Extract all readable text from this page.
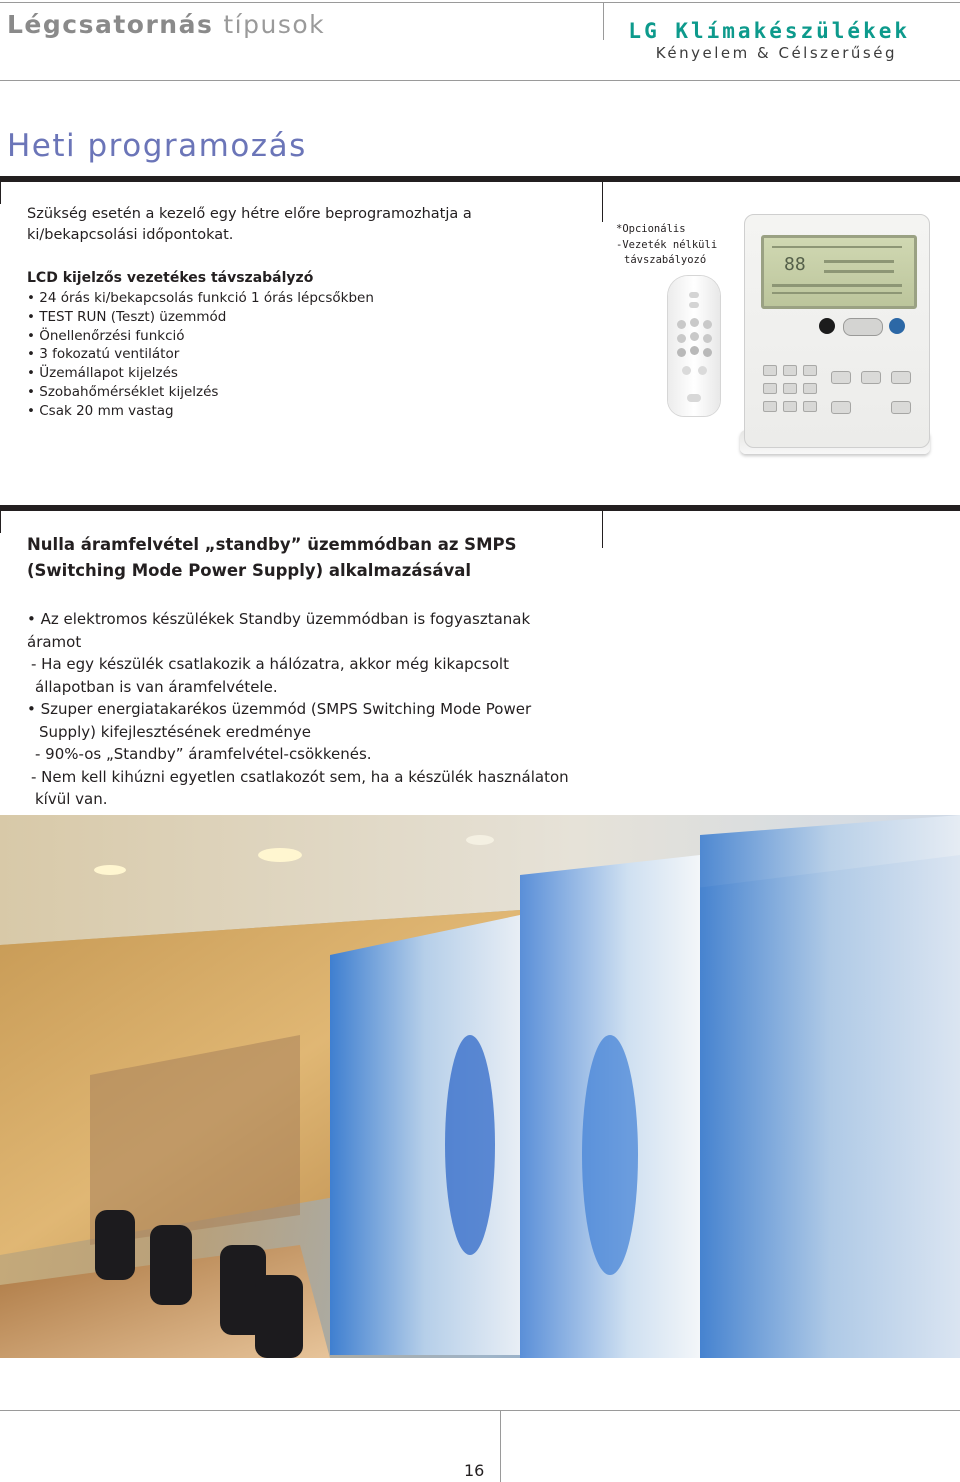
Légcsatornás típusok	LG Klímakészülékek
Kényelem & Célszerűség
Heti programozás
Szükség esetén a kezelő egy hétre előre beprogramozhatja a ki/bekapcsolási időpontokat.
LCD kijelzős vezetékes távszabályzó
• 24 órás ki/bekapcsolás funkció 1 órás lépcsőkben
• TEST RUN (Teszt) üzemmód
• Önellenőrzési funkció
• 3 fokozatú ventilátor
• Üzemállapot kijelzés
• Szobahőmérséklet kijelzés
• Csak 20 mm vastag
*Opcionális
-Vezeték nélküli
távszabályozó	88
Nulla áramfelvétel „standby” üzemmódban az SMPS
(Switching Mode Power Supply) alkalmazásával
• Az elektromos készülékek Standby üzemmódban is fogyasztanak
áramot
- Ha egy készülék csatlakozik a hálózatra, akkor még kikapcsolt
állapotban is van áramfelvétele.
• Szuper energiatakarékos üzemmód (SMPS Switching Mode Power
Supply) kifejlesztésének eredménye
- 90%-os „Standby” áramfelvétel-csökkenés.
- Nem kell kihúzni egyetlen csatlakozót sem, ha a készülék használaton
kívül van.
16
